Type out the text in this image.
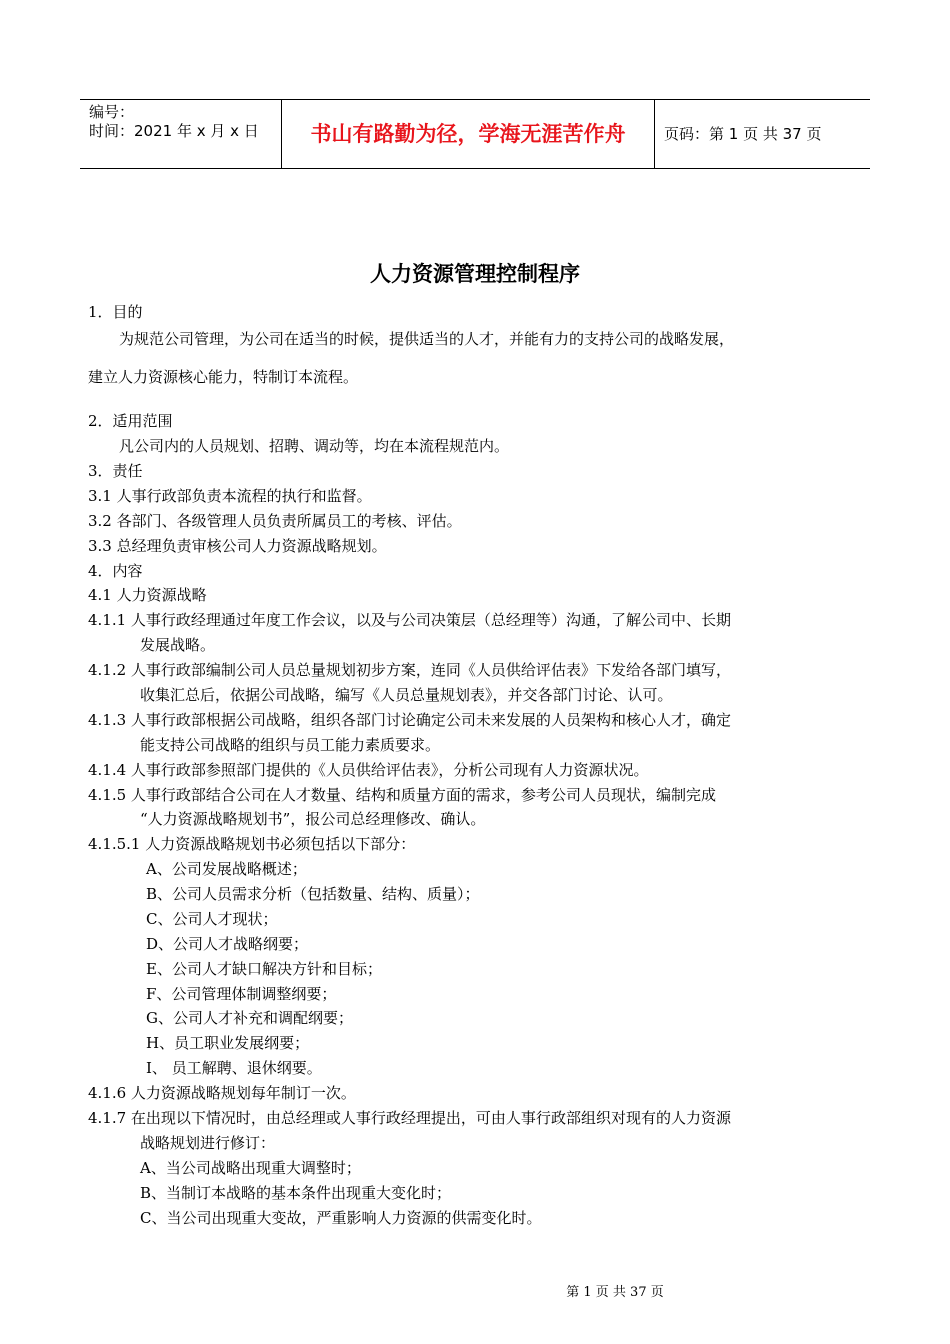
编号：
时间：2021 年 x 月 x 日	书山有路勤为径，学海无涯苦作舟	页码：第 1 页 共 37 页
人力资源管理控制程序
1．目的
为规范公司管理，为公司在适当的时候，提供适当的人才，并能有力的支持公司的战略发展，
建立人力资源核心能力，特制订本流程。
2．适用范围
凡公司内的人员规划、招聘、调动等，均在本流程规范内。
3．责任
3.1 人事行政部负责本流程的执行和监督。
3.2 各部门、各级管理人员负责所属员工的考核、评估。
3.3 总经理负责审核公司人力资源战略规划。
4．内容
4.1 人力资源战略
4.1.1 人事行政经理通过年度工作会议，以及与公司决策层（总经理等）沟通，了解公司中、长期
发展战略。
4.1.2 人事行政部编制公司人员总量规划初步方案，连同《人员供给评估表》下发给各部门填写，
收集汇总后，依据公司战略，编写《人员总量规划表》，并交各部门讨论、认可。
4.1.3 人事行政部根据公司战略，组织各部门讨论确定公司未来发展的人员架构和核心人才，确定
能支持公司战略的组织与员工能力素质要求。
4.1.4 人事行政部参照部门提供的《人员供给评估表》，分析公司现有人力资源状况。
4.1.5 人事行政部结合公司在人才数量、结构和质量方面的需求，参考公司人员现状，编制完成
“人力资源战略规划书”，报公司总经理修改、确认。
4.1.5.1 人力资源战略规划书必须包括以下部分：
A、公司发展战略概述；
B、公司人员需求分析（包括数量、结构、质量）；
C、公司人才现状；
D、公司人才战略纲要；
E、公司人才缺口解决方针和目标；
F、公司管理体制调整纲要；
G、公司人才补充和调配纲要；
H、员工职业发展纲要；
I、 员工解聘、退休纲要。
4.1.6 人力资源战略规划每年制订一次。
4.1.7 在出现以下情况时，由总经理或人事行政经理提出，可由人事行政部组织对现有的人力资源
战略规划进行修订：
A、当公司战略出现重大调整时；
B、当制订本战略的基本条件出现重大变化时；
C、当公司出现重大变故，严重影响人力资源的供需变化时。
第 1 页 共 37 页
